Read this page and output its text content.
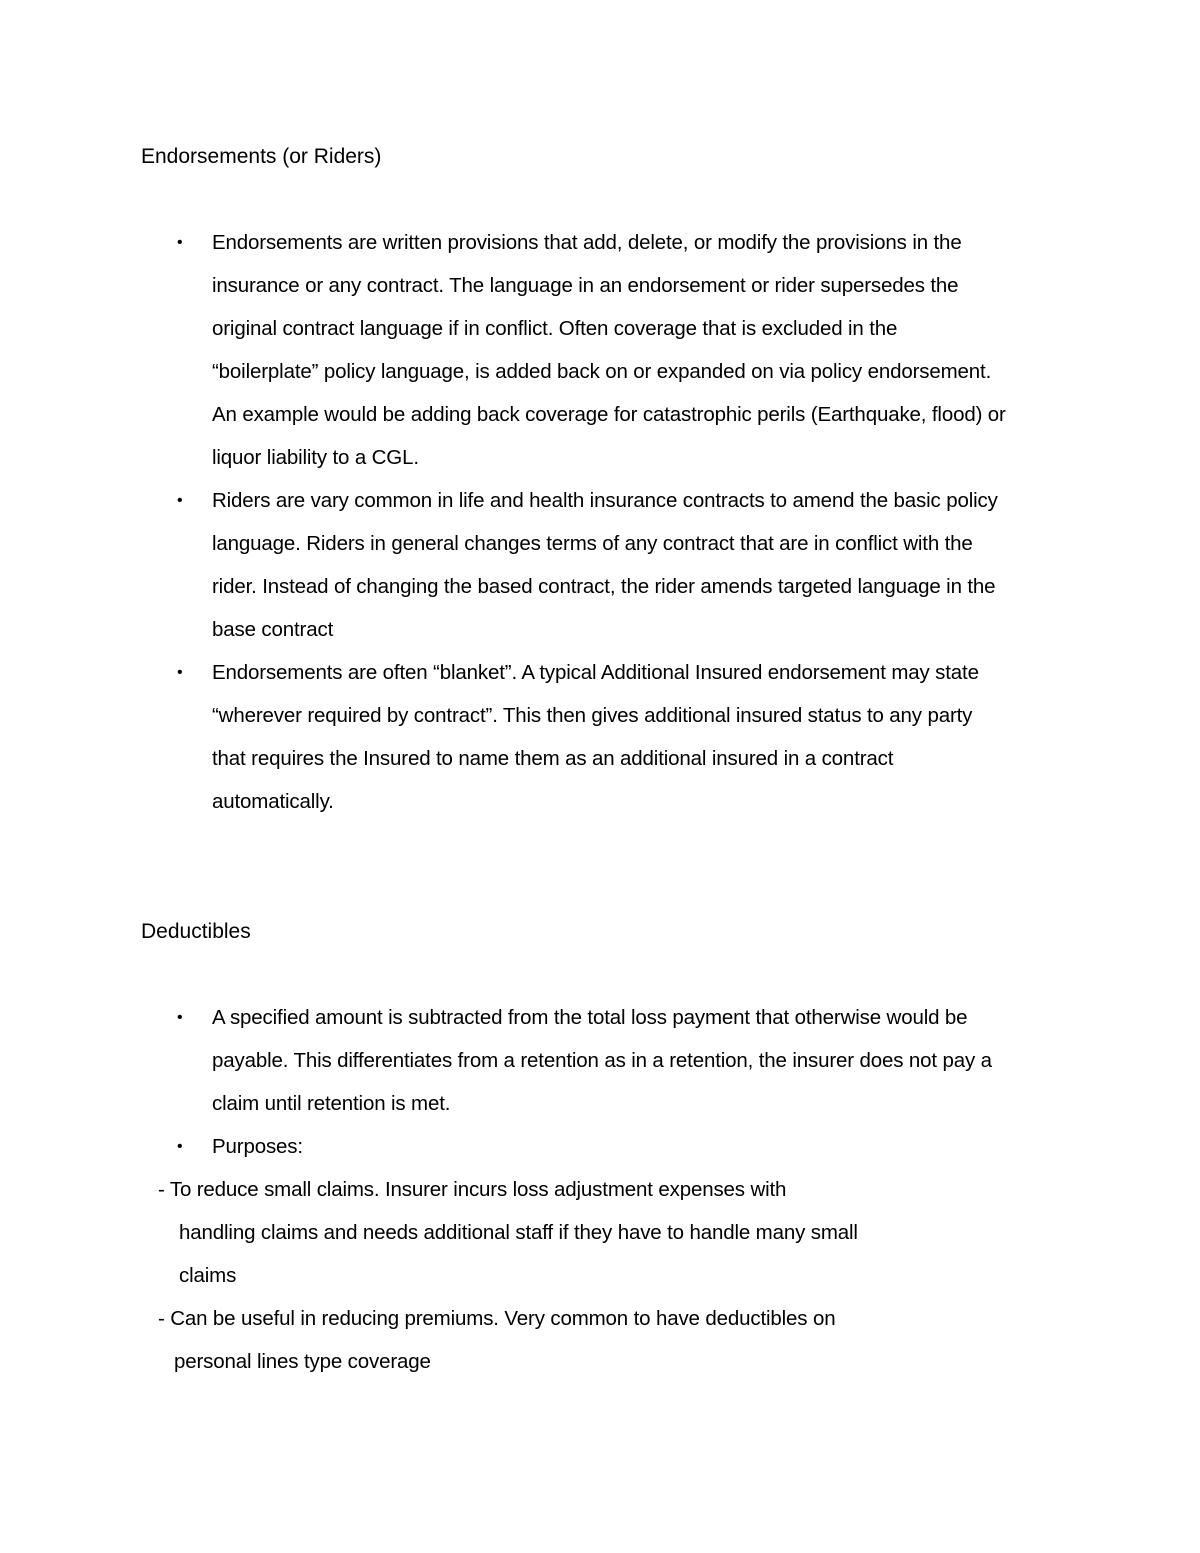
Endorsements (or Riders)
• Endorsements are written provisions that add, delete, or modify the provisions in the
insurance or any contract. The language in an endorsement or rider supersedes the
original contract language if in conflict. Often coverage that is excluded in the
“boilerplate” policy language, is added back on or expanded on via policy endorsement.
An example would be adding back coverage for catastrophic perils (Earthquake, flood) or
liquor liability to a CGL.
• Riders are vary common in life and health insurance contracts to amend the basic policy
language. Riders in general changes terms of any contract that are in conflict with the
rider. Instead of changing the based contract, the rider amends targeted language in the
base contract
• Endorsements are often “blanket”. A typical Additional Insured endorsement may state
“wherever required by contract”. This then gives additional insured status to any party
that requires the Insured to name them as an additional insured in a contract
automatically.
Deductibles
• A specified amount is subtracted from the total loss payment that otherwise would be
payable. This differentiates from a retention as in a retention, the insurer does not pay a
claim until retention is met.
• Purposes:
- To reduce small claims. Insurer incurs loss adjustment expenses with
handling claims and needs additional staff if they have to handle many small
claims
- Can be useful in reducing premiums. Very common to have deductibles on
personal lines type coverage
